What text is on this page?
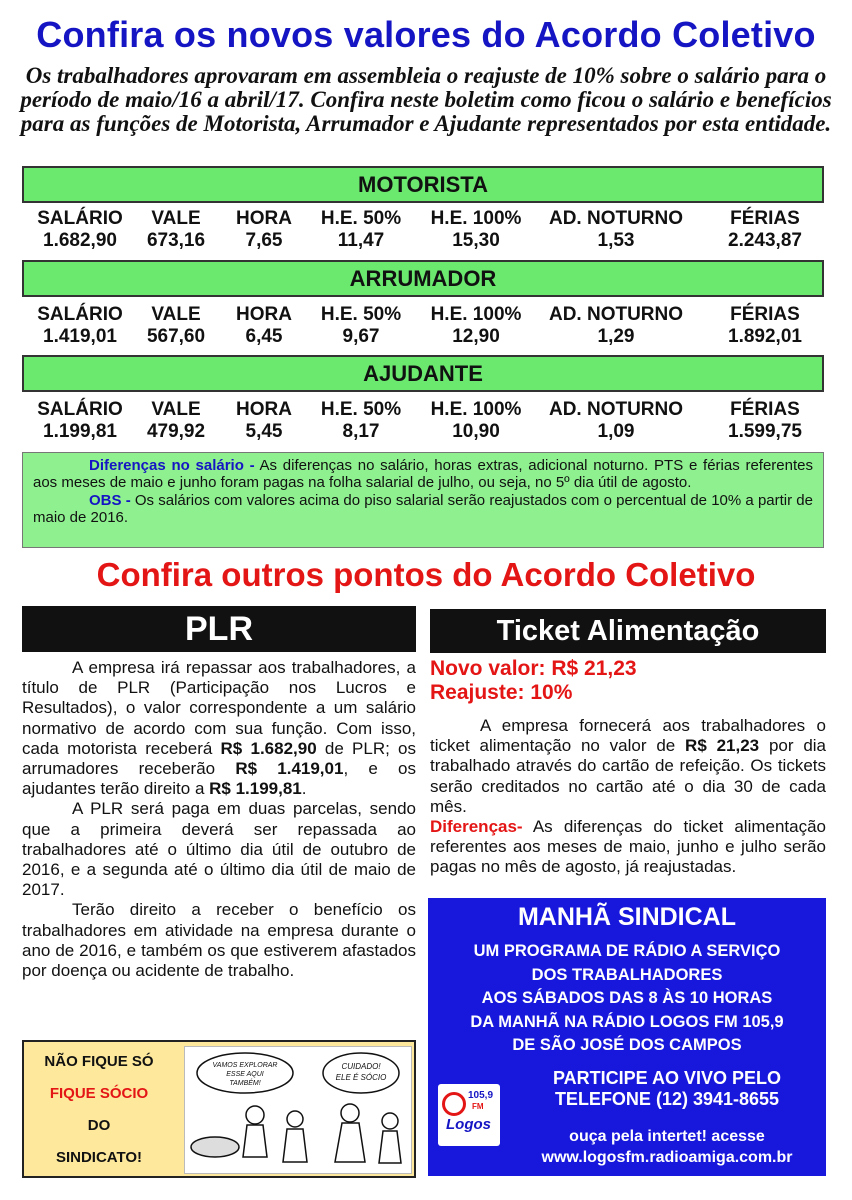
Confira os novos valores do Acordo Coletivo
Os trabalhadores aprovaram em assembleia o reajuste de 10% sobre o salário para o período de maio/16 a abril/17. Confira neste boletim como ficou o salário e benefícios para as funções de Motorista, Arrumador e Ajudante representados por esta entidade.
MOTORISTA
SALÁRIO
1.682,90
VALE
673,16
HORA
7,65
H.E. 50%
11,47
H.E. 100%
15,30
AD. NOTURNO
1,53
FÉRIAS
2.243,87
ARRUMADOR
SALÁRIO
1.419,01
VALE
567,60
HORA
6,45
H.E. 50%
9,67
H.E. 100%
12,90
AD. NOTURNO
1,29
FÉRIAS
1.892,01
AJUDANTE
SALÁRIO
1.199,81
VALE
479,92
HORA
5,45
H.E. 50%
8,17
H.E. 100%
10,90
AD. NOTURNO
1,09
FÉRIAS
1.599,75
Diferenças no salário - As diferenças no salário, horas extras, adicional noturno. PTS e férias referentes aos meses de maio e junho foram pagas na folha salarial de julho, ou seja, no 5º dia útil de agosto.
OBS - Os salários com valores acima do piso salarial serão reajustados com o percentual de 10% a partir de maio de 2016.
Confira outros pontos do Acordo Coletivo
PLR

A empresa irá repassar aos trabalhadores, a título de PLR (Participação nos Lucros e Resultados), o valor correspondente a um salário normativo de acordo com sua função. Com isso, cada motorista receberá R$ 1.682,90 de PLR; os arrumadores receberão R$ 1.419,01, e os ajudantes terão direito a R$ 1.199,81.

A PLR será paga em duas parcelas, sendo que a primeira deverá ser repassada ao trabalhadores até o último dia útil de outubro de 2016, e a segunda até o último dia útil de maio de 2017.

Terão direito a receber o benefício os trabalhadores em atividade na empresa durante o ano de 2016, e também os que estiverem afastados por doença ou acidente de trabalho.

Ticket Alimentação
Novo valor: R$ 21,23
Reajuste: 10%

A empresa fornecerá aos trabalhadores o ticket alimentação no valor de R$ 21,23 por dia trabalhado através do cartão de refeição. Os tickets serão creditados no cartão até o dia 30 de cada mês.

Diferenças- As diferenças do ticket alimentação referentes aos meses de maio, junho e julho serão pagas no mês de agosto, já reajustadas.

NÃO FIQUE SÓ
FIQUE SÓCIO
DO
SINDICATO!
VAMOS EXPLORAR
ESSE AQUI
TAMBÉM!
CUIDADO!
ELE É SÓCIO
MANHÃ SINDICAL
UM PROGRAMA DE RÁDIO A SERVIÇO
DOS TRABALHADORES
AOS SÁBADOS DAS 8 ÀS 10 HORAS
DA MANHÃ NA RÁDIO LOGOS FM 105,9
DE SÃO JOSÉ DOS CAMPOS
105,9
FM
Logos
PARTICIPE AO VIVO PELO
TELEFONE (12) 3941-8655
ouça pela intertet! acesse
www.logosfm.radioamiga.com.br
